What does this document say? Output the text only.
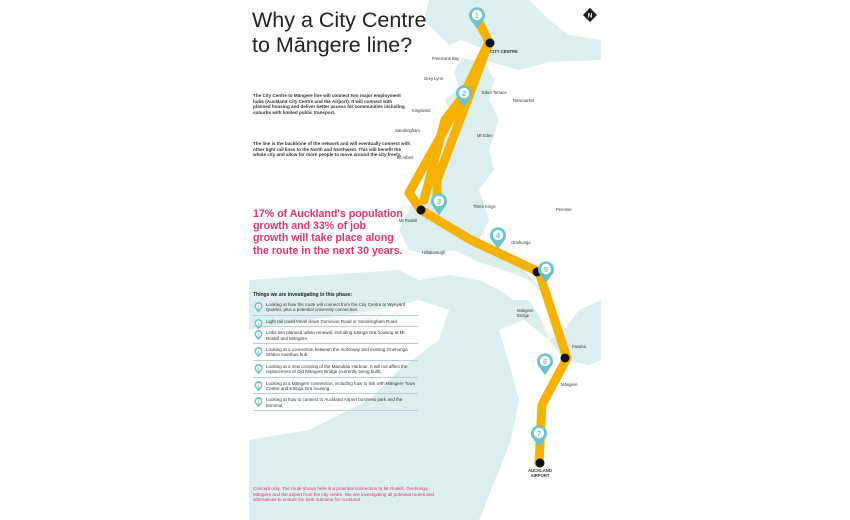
1
2
3
4
5
6
7
N
CITY CENTRE
Freemans Bay
Grey Lynn
Eden Terrace
Newmarket
Kingsland
Sandringham
Mt Eden
Mt Albert
Three Kings
Penrose
Mt Roskill
Onehunga
Hillsborough
Māngere Bridge
Favona
Māngere
AUCKLAND AIRPORT
Why a City Centre to Māngere line?

The City Centre to Māngere line will connect two major employment hubs (Auckland City Centre and the Airport). It will connect with planned housing and deliver better access for communities including suburbs with limited public transport.

The line is the backbone of the network and will eventually connect with other light rail lines to the North and Northwest. This will benefit the whole city and allow for more people to move around the city freely.

17% of Auckland's population growth and 33% of job growth will take place along the route in the next 30 years.

Things we are investigating in this phase:

1 Looking at how the route will connect from the City Centre to Wynyard Quarter, plus a potential university connection.
2 Light rail could travel down Dominion Road or Sandringham Road.
3 Links into planned urban renewal, including Kāinga Ora housing at Mt Roskill and Māngere.
4 Looking at a connection between the motorway and existing Onehunga Station train/bus hub.
5 Looking at a new crossing of the Manukau Harbour. It will not affect the replacement of Old Māngere Bridge (currently being built).
6 Looking at a Māngere connection, including how to link with Māngere Town Centre and Kāinga Ora housing.
7 Looking at how to connect to Auckland Airport business park and the terminal.

Concept only. The route shown here is a potential connection to Mt Roskill, Onehunga, Māngere and the airport from the city centre. We are investigating all potential routes and alternatives to ensure the best outcome for Auckland.
